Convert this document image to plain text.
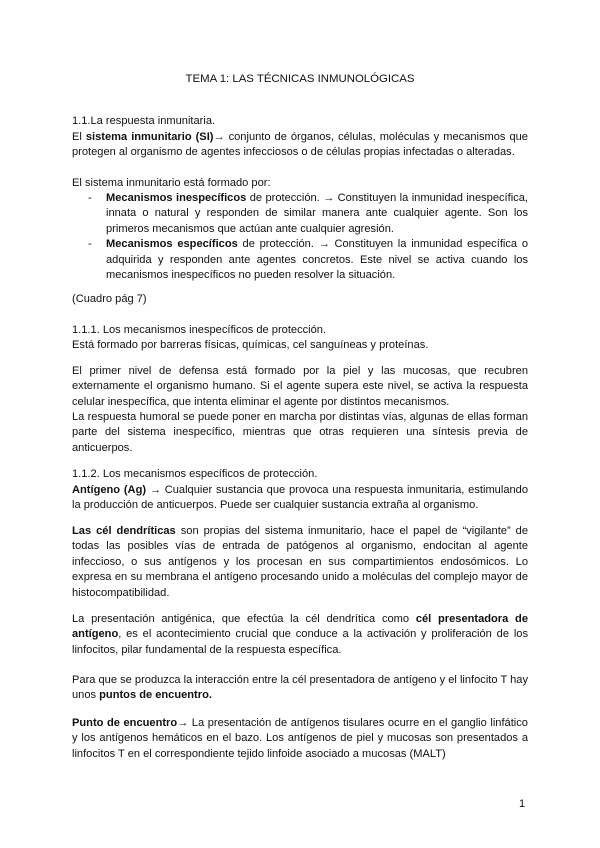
TEMA 1: LAS TÉCNICAS INMUNOLÓGICAS

1.1.La respuesta inmunitaria.

El sistema inmunitario (SI)→ conjunto de órganos, células, moléculas y mecanismos que protegen al organismo de agentes infecciosos o de células propias infectadas o alteradas.

El sistema inmunitario está formado por:

- Mecanismos inespecíficos de protección. → Constituyen la inmunidad inespecífica, innata o natural y responden de similar manera ante cualquier agente. Son los primeros mecanismos que actúan ante cualquier agresión.
- Mecanismos específicos de protección. → Constituyen la inmunidad específica o adquirida y responden ante agentes concretos. Este nivel se activa cuando los mecanismos inespecíficos no pueden resolver la situación.

(Cuadro pág 7)

1.1.1. Los mecanismos inespecíficos de protección.

Está formado por barreras físicas, químicas, cel sanguíneas y proteínas.

El primer nivel de defensa está formado por la piel y las mucosas, que recubren externamente el organismo humano. Si el agente supera este nivel, se activa la respuesta celular inespecífica, que intenta eliminar el agente por distintos mecanismos.

La respuesta humoral se puede poner en marcha por distintas vías, algunas de ellas forman parte del sistema inespecífico, mientras que otras requieren una síntesis previa de anticuerpos.

1.1.2. Los mecanismos específicos de protección.

Antígeno (Ag) → Cualquier sustancia que provoca una respuesta inmunitaria, estimulando la producción de anticuerpos. Puede ser cualquier sustancia extraña al organismo.

Las cél dendríticas son propias del sistema inmunitario, hace el papel de “vigilante” de todas las posibles vías de entrada de patógenos al organismo, endocitan al agente infeccioso, o sus antígenos y los procesan en sus compartimientos endosómicos. Lo expresa en su membrana el antígeno procesando unido a moléculas del complejo mayor de histocompatibilidad.

La presentación antigénica, que efectúa la cél dendrítica como cél presentadora de antígeno, es el acontecimiento crucial que conduce a la activación y proliferación de los linfocitos, pilar fundamental de la respuesta específica.

Para que se produzca la interacción entre la cél presentadora de antígeno y el linfocito T hay unos puntos de encuentro.

Punto de encuentro→ La presentación de antígenos tisulares ocurre en el ganglio linfático y los antígenos hemáticos en el bazo. Los antígenos de piel y mucosas son presentados a linfocitos T en el correspondiente tejido linfoide asociado a mucosas (MALT)

1
